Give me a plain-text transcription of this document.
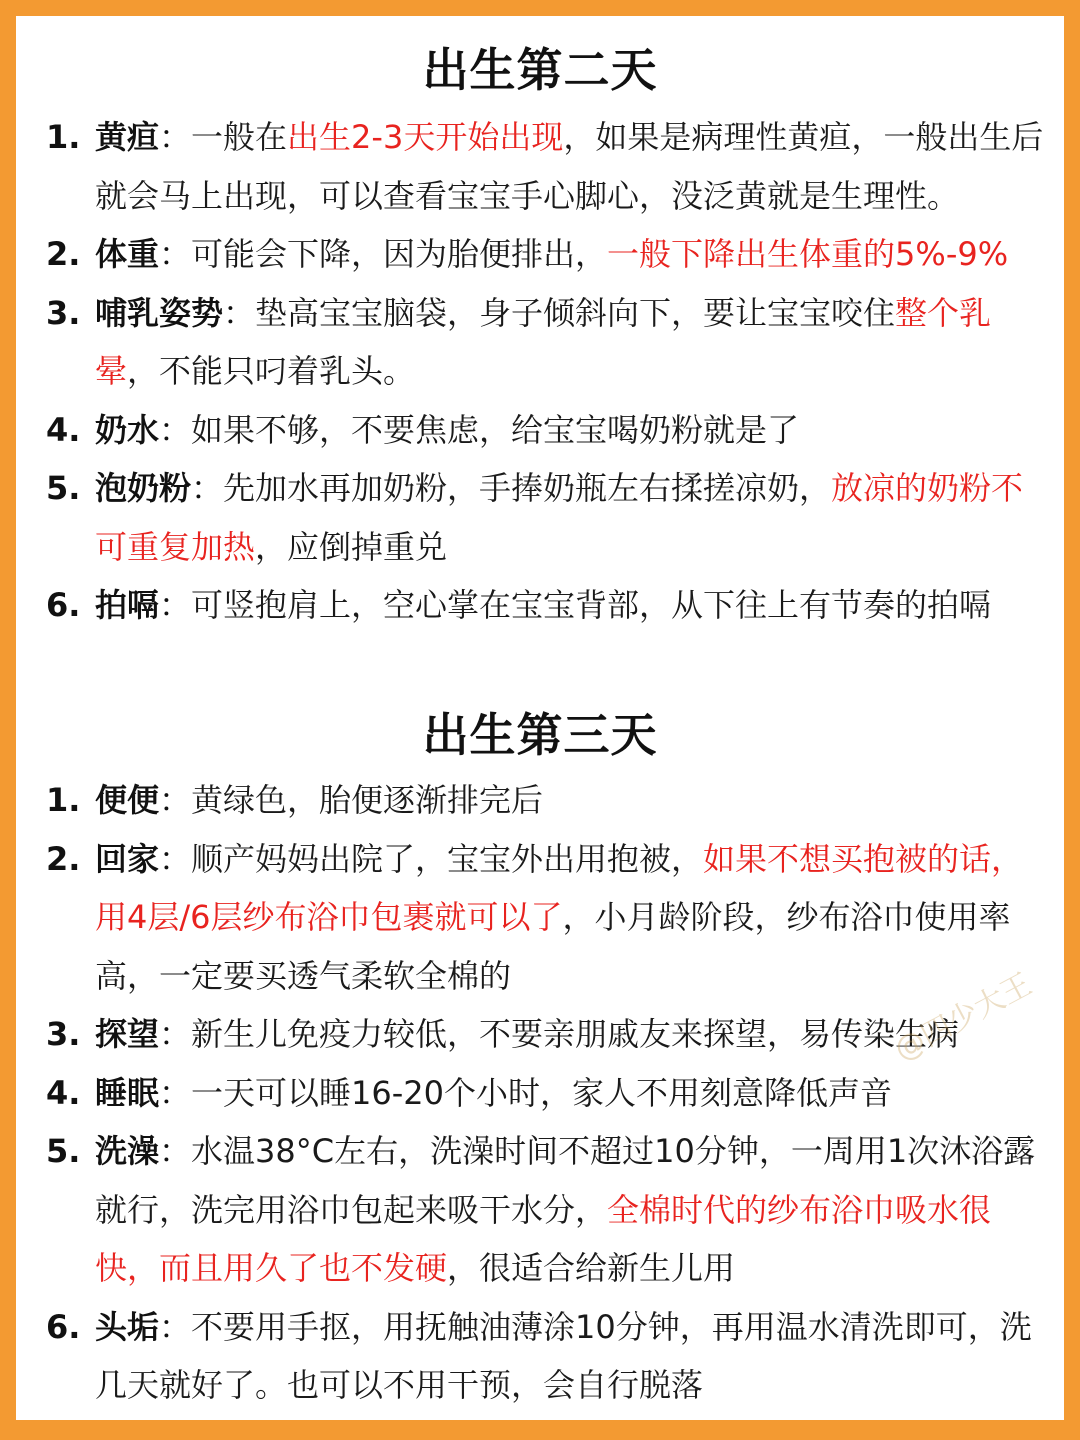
出生第二天
1. 黄疸：一般在出生2-3天开始出现，如果是病理性黄疸，一般出生后就会马上出现，可以查看宝宝手心脚心，没泛黄就是生理性。
2. 体重：可能会下降，因为胎便排出，一般下降出生体重的5%-9%
3. 哺乳姿势：垫高宝宝脑袋，身子倾斜向下，要让宝宝咬住整个乳晕，不能只叼着乳头。
4. 奶水：如果不够，不要焦虑，给宝宝喝奶粉就是了
5. 泡奶粉：先加水再加奶粉，手捧奶瓶左右揉搓凉奶，放凉的奶粉不可重复加热，应倒掉重兑
6. 拍嗝：可竖抱肩上，空心掌在宝宝背部，从下往上有节奏的拍嗝
出生第三天
1. 便便：黄绿色，胎便逐渐排完后
2. 回家：顺产妈妈出院了，宝宝外出用抱被，如果不想买抱被的话，用4层/6层纱布浴巾包裹就可以了，小月龄阶段，纱布浴巾使用率高，一定要买透气柔软全棉的
3. 探望：新生儿免疫力较低，不要亲朋戚友来探望，易传染生病
4. 睡眠：一天可以睡16-20个小时，家人不用刻意降低声音
5. 洗澡：水温38°C左右，洗澡时间不超过10分钟，一周用1次沐浴露就行，洗完用浴巾包起来吸干水分，全棉时代的纱布浴巾吸水很快，而且用久了也不发硬，很适合给新生儿用
6. 头垢：不要用手抠，用抚触油薄涂10分钟，再用温水清洗即可，洗几天就好了。也可以不用干预，会自行脱落
@四少大王
